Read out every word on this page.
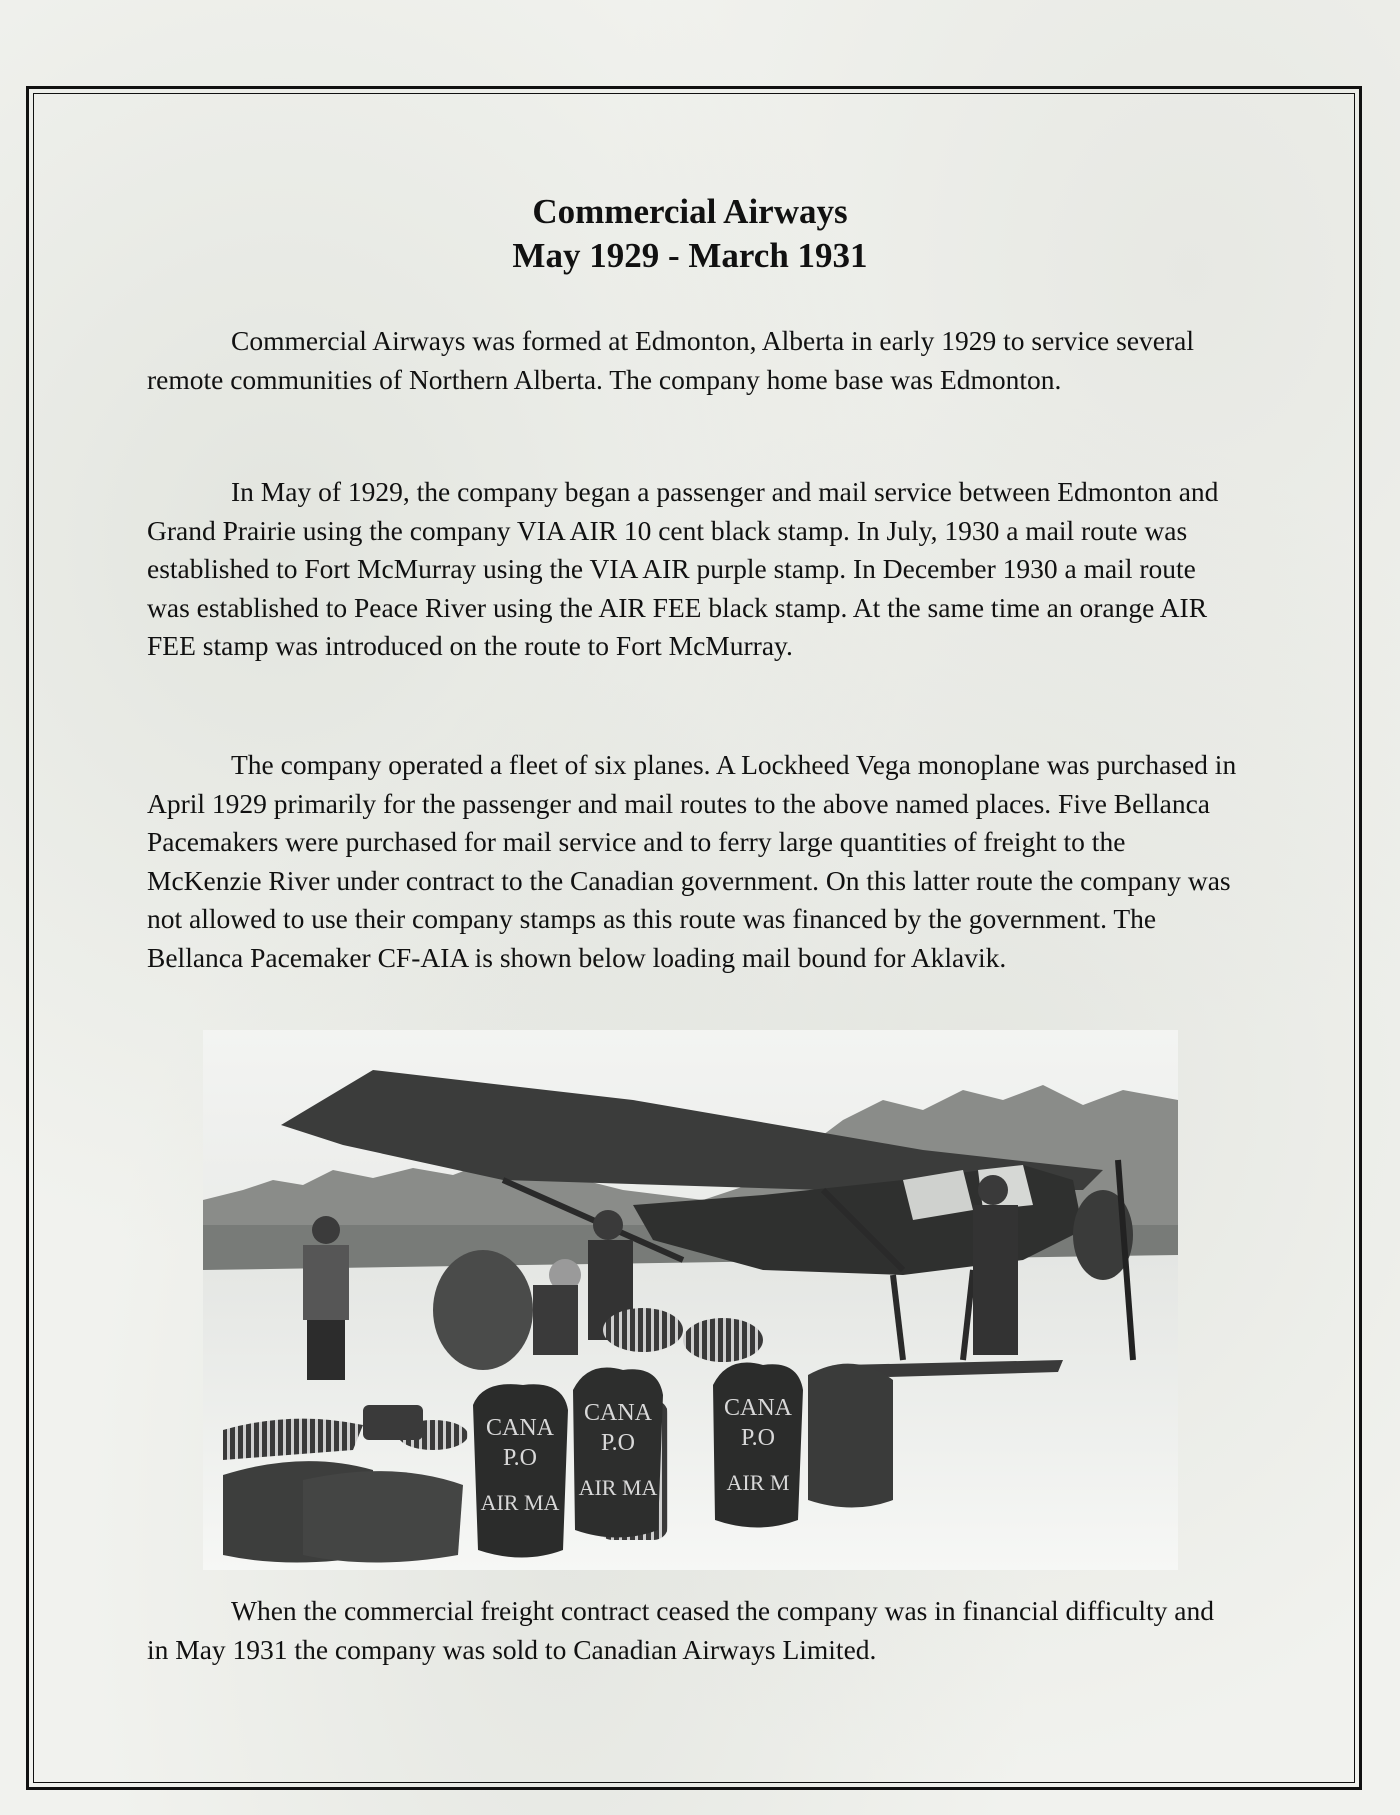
Commercial Airways
May 1929 - March 1931

Commercial Airways was formed at Edmonton, Alberta in early 1929 to service several remote communities of Northern Alberta. The company home base was Edmonton.

In May of 1929, the company began a passenger and mail service between Edmonton and Grand Prairie using the company VIA AIR 10 cent black stamp. In July, 1930 a mail route was established to Fort McMurray using the VIA AIR purple stamp. In December 1930 a mail route was established to Peace River using the AIR FEE black stamp. At the same time an orange AIR FEE stamp was introduced on the route to Fort McMurray.

The company operated a fleet of six planes. A Lockheed Vega monoplane was purchased in April 1929 primarily for the passenger and mail routes to the above named places. Five Bellanca Pacemakers were purchased for mail service and to ferry large quantities of freight to the McKenzie River under contract to the Canadian government. On this latter route the company was not allowed to use their company stamps as this route was financed by the government. The Bellanca Pacemaker CF-AIA is shown below loading mail bound for Aklavik.

CANA
P.O
AIR MA
CANA
P.O
AIR MA
CANA
P.O
AIR M

When the commercial freight contract ceased the company was in financial difficulty and in May 1931 the company was sold to Canadian Airways Limited.
